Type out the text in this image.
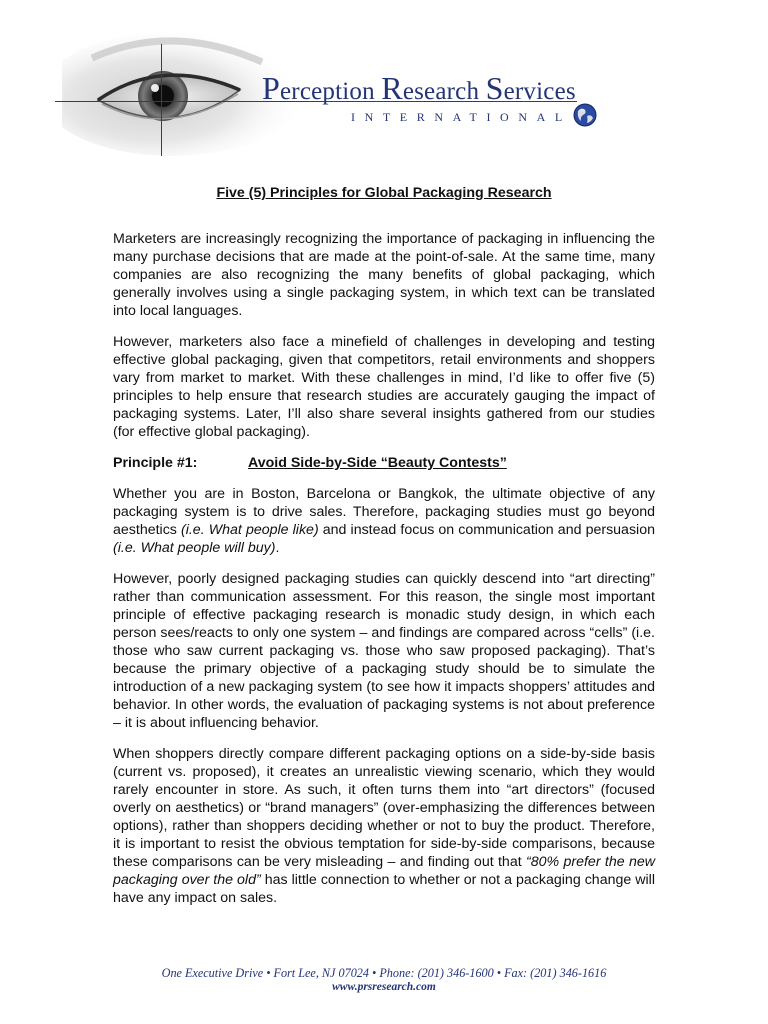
Perception Research Services
INTERNATIONAL
Five (5) Principles for Global Packaging Research

Marketers are increasingly recognizing the importance of packaging in influencing the many purchase decisions that are made at the point-of-sale. At the same time, many companies are also recognizing the many benefits of global packaging, which generally involves using a single packaging system, in which text can be translated into local languages.

However, marketers also face a minefield of challenges in developing and testing effective global packaging, given that competitors, retail environments and shoppers vary from market to market. With these challenges in mind, I’d like to offer five (5) principles to help ensure that research studies are accurately gauging the impact of packaging systems. Later, I’ll also share several insights gathered from our studies (for effective global packaging).

Principle #1:	Avoid Side-by-Side “Beauty Contests”

Whether you are in Boston, Barcelona or Bangkok, the ultimate objective of any packaging system is to drive sales. Therefore, packaging studies must go beyond aesthetics (i.e. What people like) and instead focus on communication and persuasion (i.e. What people will buy).

However, poorly designed packaging studies can quickly descend into “art directing” rather than communication assessment. For this reason, the single most important principle of effective packaging research is monadic study design, in which each person sees/reacts to only one system – and findings are compared across “cells” (i.e. those who saw current packaging vs. those who saw proposed packaging). That’s because the primary objective of a packaging study should be to simulate the introduction of a new packaging system (to see how it impacts shoppers’ attitudes and behavior. In other words, the evaluation of packaging systems is not about preference – it is about influencing behavior.

When shoppers directly compare different packaging options on a side-by-side basis (current vs. proposed), it creates an unrealistic viewing scenario, which they would rarely encounter in store. As such, it often turns them into “art directors” (focused overly on aesthetics) or “brand managers” (over-emphasizing the differences between options), rather than shoppers deciding whether or not to buy the product. Therefore, it is important to resist the obvious temptation for side-by-side comparisons, because these comparisons can be very misleading – and finding out that “80% prefer the new packaging over the old” has little connection to whether or not a packaging change will have any impact on sales.

One Executive Drive • Fort Lee, NJ 07024 • Phone: (201) 346-1600 • Fax: (201) 346-1616
www.prsresearch.com
